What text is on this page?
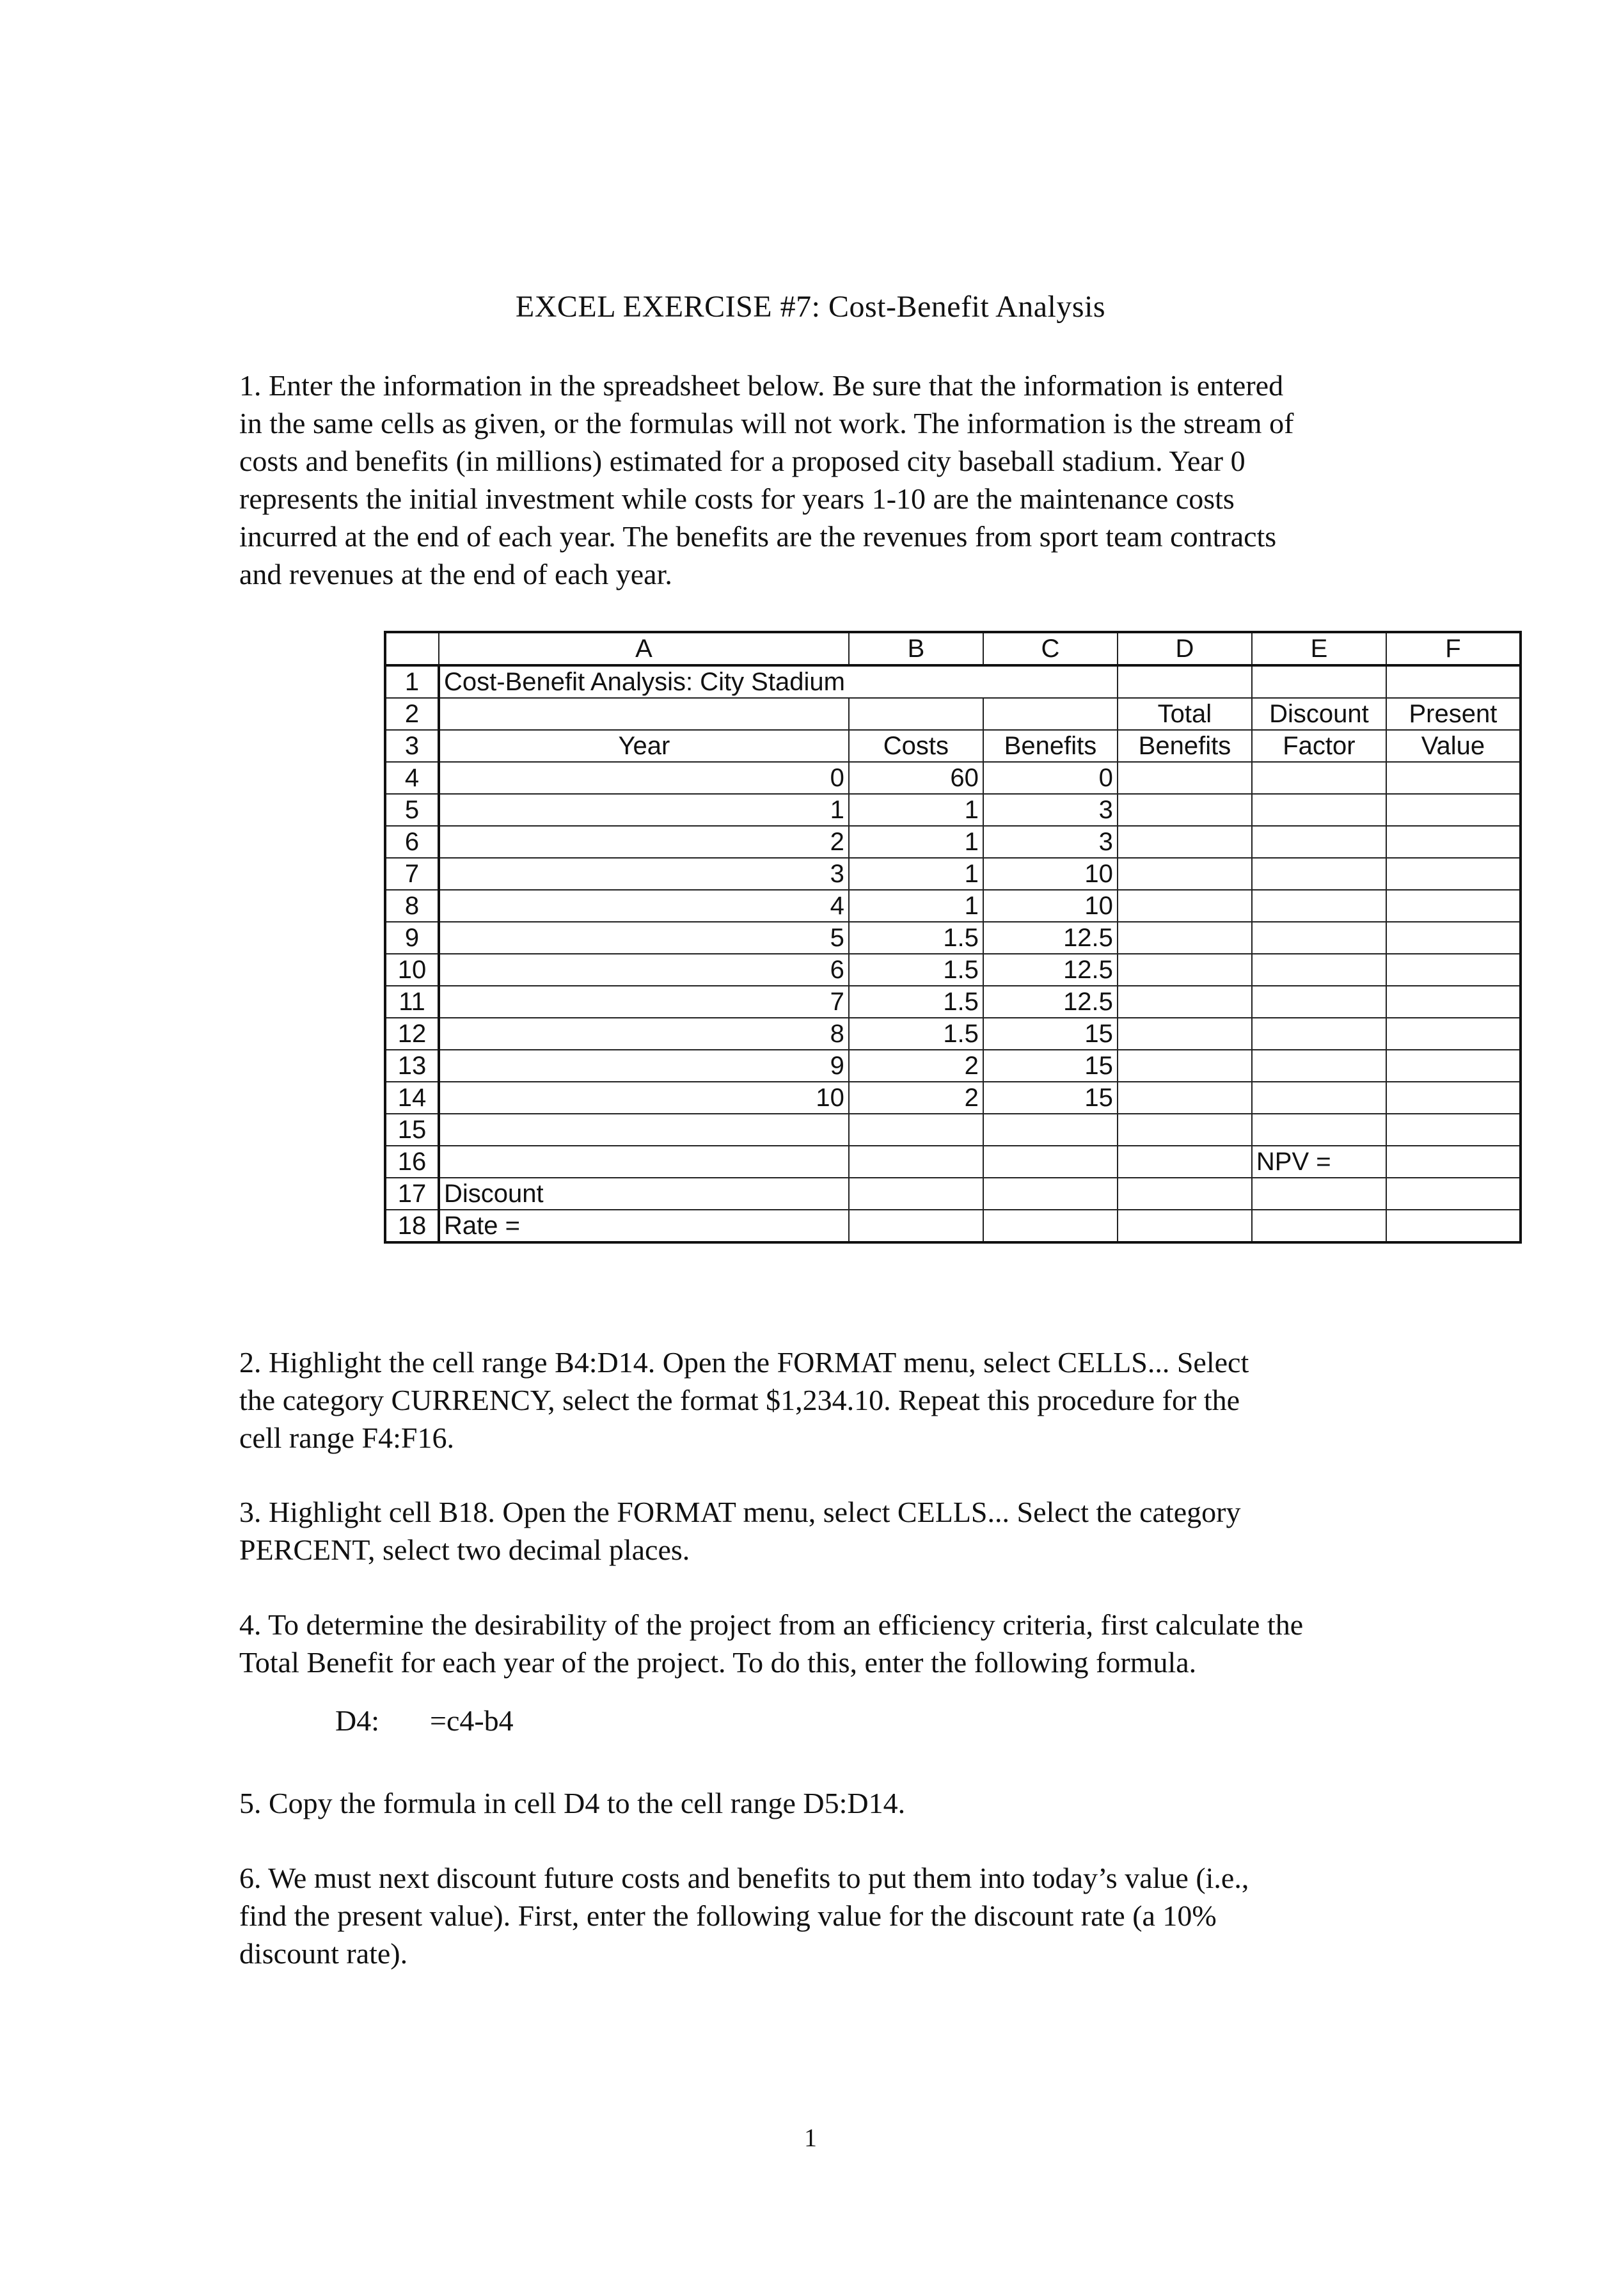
EXCEL EXERCISE #7: Cost-Benefit Analysis
1. Enter the information in the spreadsheet below. Be sure that the information is entered
in the same cells as given, or the formulas will not work. The information is the stream of
costs and benefits (in millions) estimated for a proposed city baseball stadium. Year 0
represents the initial investment while costs for years 1-10 are the maintenance costs
incurred at the end of each year. The benefits are the revenues from sport team contracts
and revenues at the end of each year.
	A	B	C	D	E	F
1	Cost-Benefit Analysis: City Stadium					
2				Total	Discount	Present
3	Year	Costs	Benefits	Benefits	Factor	Value
4	0	60	0			
5	1	1	3			
6	2	1	3			
7	3	1	10			
8	4	1	10			
9	5	1.5	12.5			
10	6	1.5	12.5			
11	7	1.5	12.5			
12	8	1.5	15			
13	9	2	15			
14	10	2	15			
15						
16					NPV =	
17	Discount					
18	Rate =					
2. Highlight the cell range B4:D14. Open the FORMAT menu, select CELLS... Select
the category CURRENCY, select the format $1,234.10. Repeat this procedure for the
cell range F4:F16.
3. Highlight cell B18. Open the FORMAT menu, select CELLS... Select the category
PERCENT, select two decimal places.
4. To determine the desirability of the project from an efficiency criteria, first calculate the
Total Benefit for each year of the project. To do this, enter the following formula.
D4: =c4-b4
5. Copy the formula in cell D4 to the cell range D5:D14.
6. We must next discount future costs and benefits to put them into today’s value (i.e.,
find the present value). First, enter the following value for the discount rate (a 10%
discount rate).
1
